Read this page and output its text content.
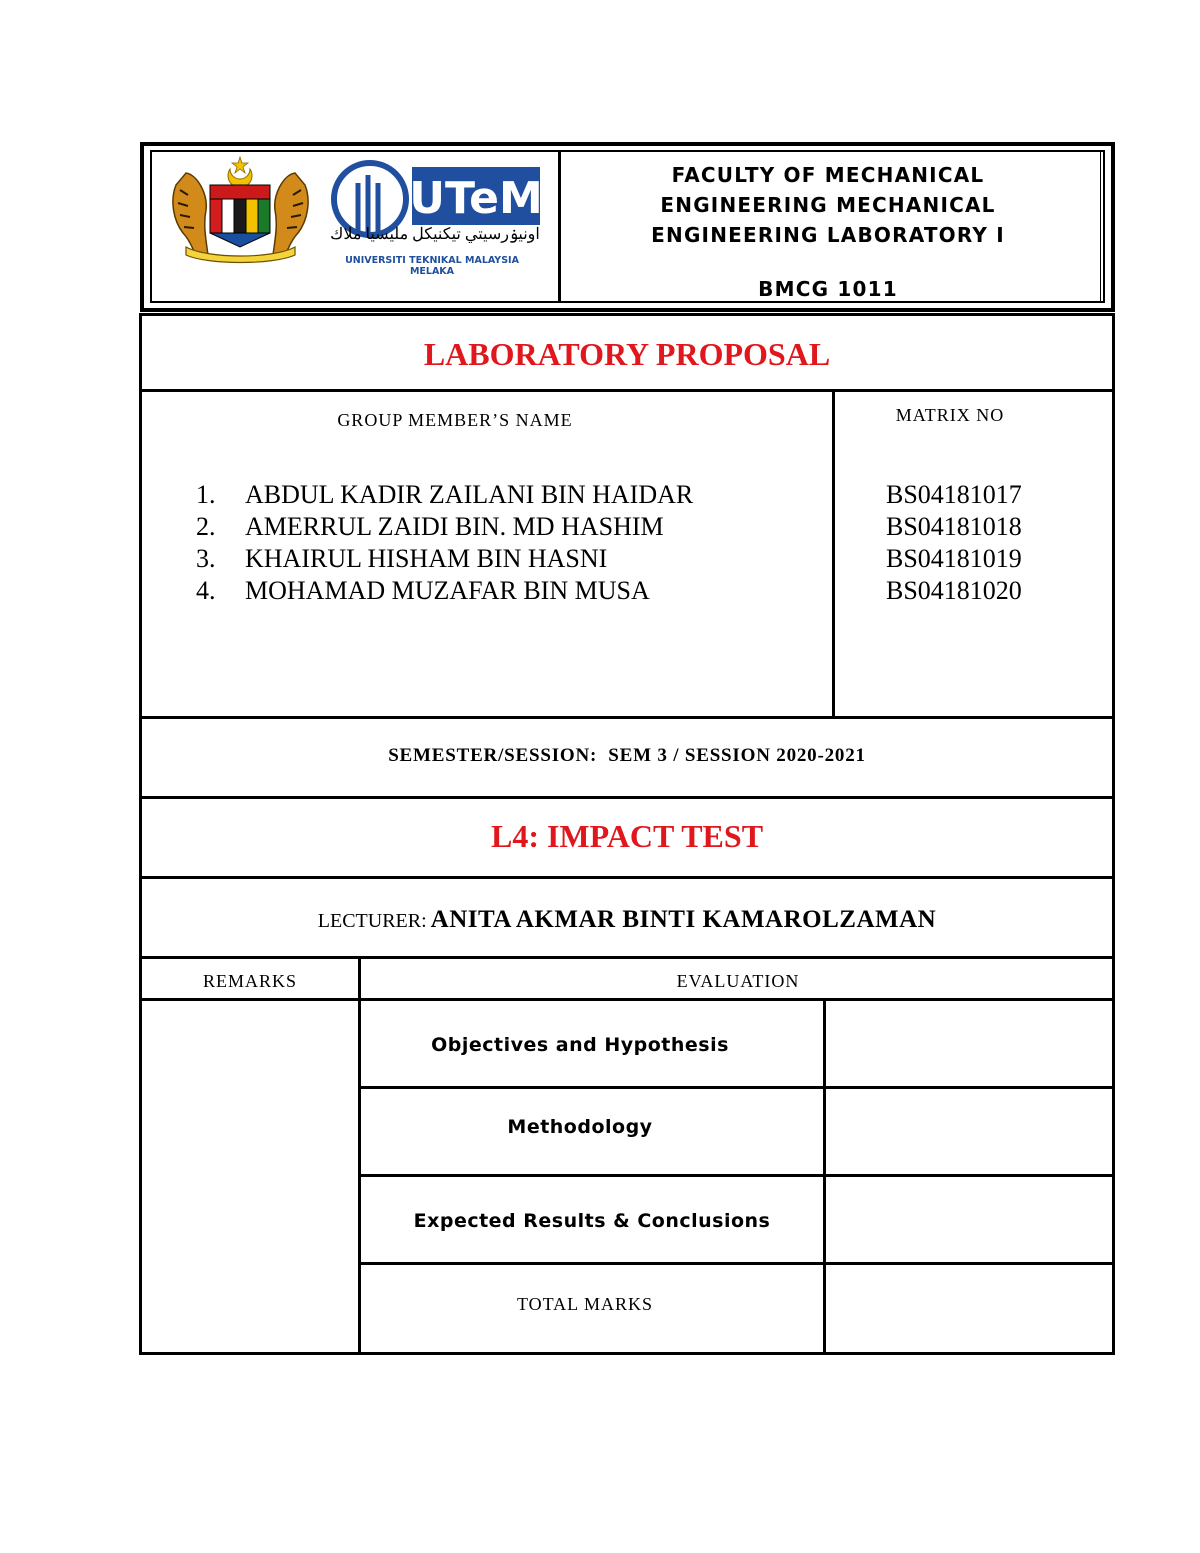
UTeM
اونيۏرسيتي تيكنيكل مليسيا ملاك
UNIVERSITI TEKNIKAL MALAYSIA MELAKA
FACULTY OF MECHANICAL
ENGINEERING MECHANICAL
ENGINEERING LABORATORY I
BMCG 1011
LABORATORY PROPOSAL
GROUP MEMBER’S NAME	MATRIX NO
1. ABDUL KADIR ZAILANI BIN HAIDAR	BS04181017
2. AMERRUL ZAIDI BIN. MD HASHIM	BS04181018
3. KHAIRUL HISHAM BIN HASNI	BS04181019
4. MOHAMAD MUZAFAR BIN MUSA	BS04181020
SEMESTER/SESSION: SEM 3 / SESSION 2020-2021
L4: IMPACT TEST
LECTURER: ANITA AKMAR BINTI KAMAROLZAMAN
REMARKS	EVALUATION
Objectives and Hypothesis
Methodology
Expected Results & Conclusions
TOTAL MARKS
